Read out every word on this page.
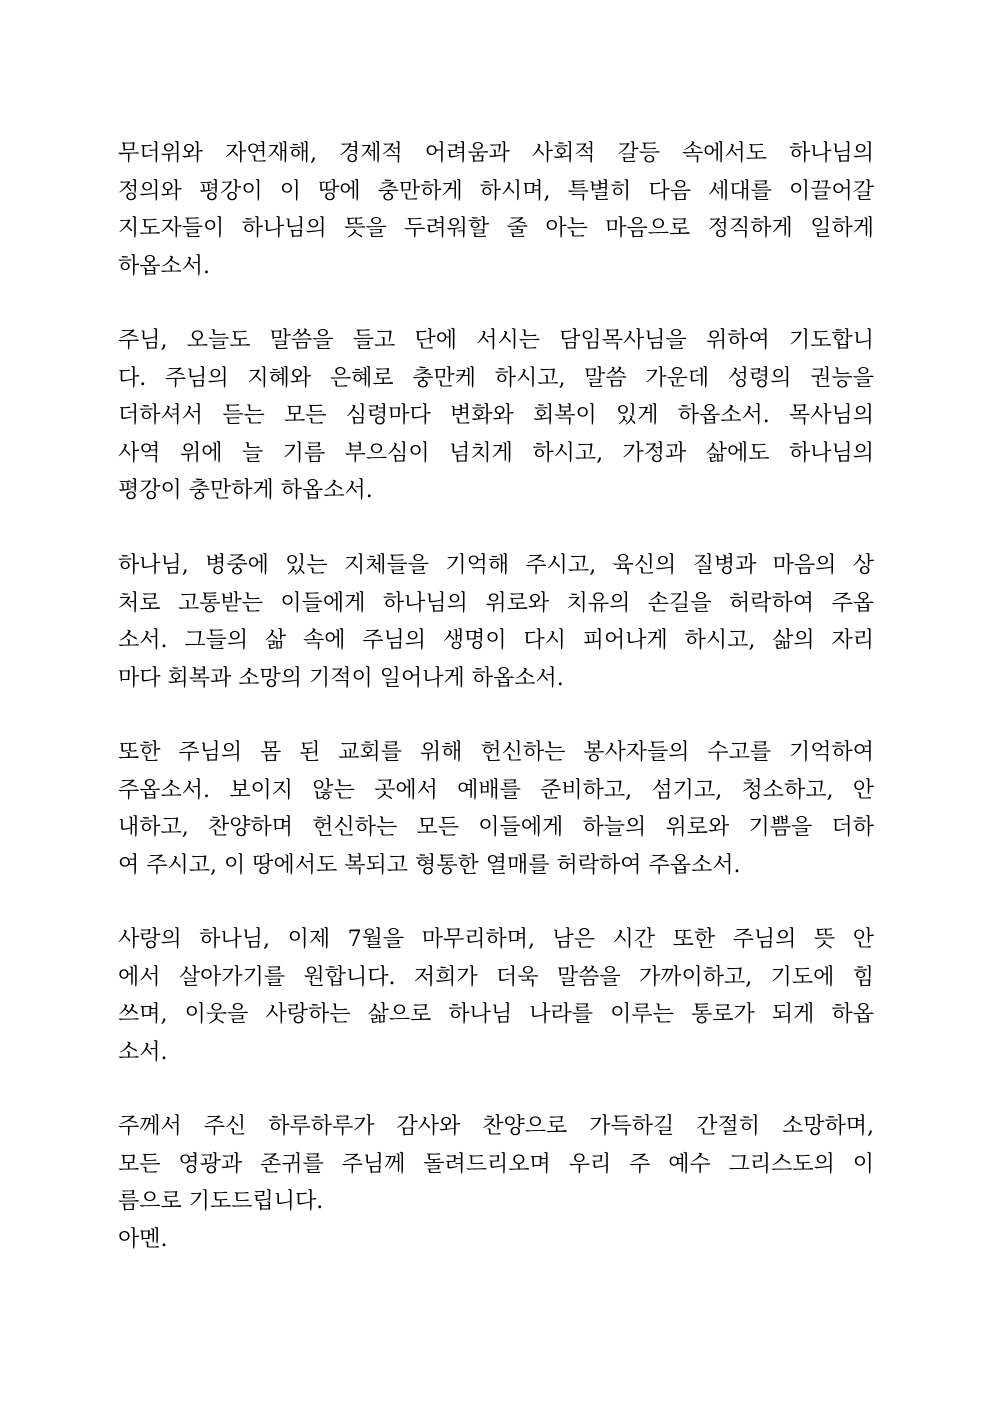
무더위와 자연재해, 경제적 어려움과 사회적 갈등 속에서도 하나님의
정의와 평강이 이 땅에 충만하게 하시며, 특별히 다음 세대를 이끌어갈
지도자들이 하나님의 뜻을 두려워할 줄 아는 마음으로 정직하게 일하게
하옵소서.
주님, 오늘도 말씀을 들고 단에 서시는 담임목사님을 위하여 기도합니
다. 주님의 지혜와 은혜로 충만케 하시고, 말씀 가운데 성령의 권능을
더하셔서 듣는 모든 심령마다 변화와 회복이 있게 하옵소서. 목사님의
사역 위에 늘 기름 부으심이 넘치게 하시고, 가정과 삶에도 하나님의
평강이 충만하게 하옵소서.
하나님, 병중에 있는 지체들을 기억해 주시고, 육신의 질병과 마음의 상
처로 고통받는 이들에게 하나님의 위로와 치유의 손길을 허락하여 주옵
소서. 그들의 삶 속에 주님의 생명이 다시 피어나게 하시고, 삶의 자리
마다 회복과 소망의 기적이 일어나게 하옵소서.
또한 주님의 몸 된 교회를 위해 헌신하는 봉사자들의 수고를 기억하여
주옵소서. 보이지 않는 곳에서 예배를 준비하고, 섬기고, 청소하고, 안
내하고, 찬양하며 헌신하는 모든 이들에게 하늘의 위로와 기쁨을 더하
여 주시고, 이 땅에서도 복되고 형통한 열매를 허락하여 주옵소서.
사랑의 하나님, 이제 7월을 마무리하며, 남은 시간 또한 주님의 뜻 안
에서 살아가기를 원합니다. 저희가 더욱 말씀을 가까이하고, 기도에 힘
쓰며, 이웃을 사랑하는 삶으로 하나님 나라를 이루는 통로가 되게 하옵
소서.
주께서 주신 하루하루가 감사와 찬양으로 가득하길 간절히 소망하며,
모든 영광과 존귀를 주님께 돌려드리오며 우리 주 예수 그리스도의 이
름으로 기도드립니다.
아멘.
